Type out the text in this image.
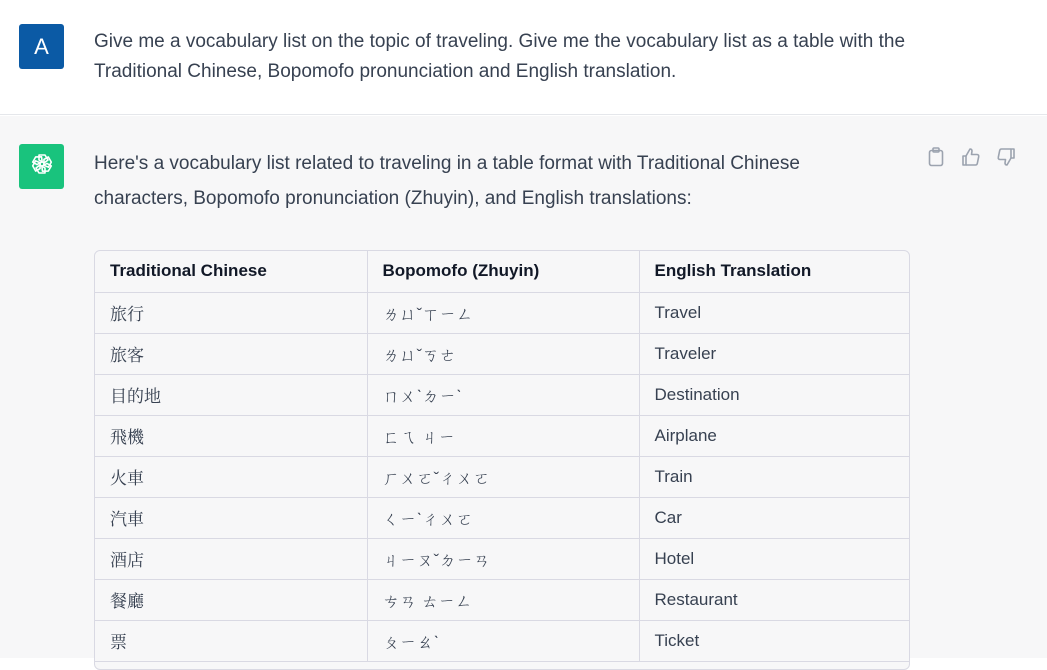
A	Give me a vocabulary list on the topic of traveling. Give me the vocabulary list as a table with the Traditional Chinese, Bopomofo pronunciation and English translation.
Here's a vocabulary list related to traveling in a table format with Traditional Chinese characters, Bopomofo pronunciation (Zhuyin), and English translations:
Traditional Chinese	Bopomofo (Zhuyin)	English Translation
旅行	ㄌㄩˇㄒㄧㄥ	Travel
旅客	ㄌㄩˇㄎㄜ	Traveler
目的地	ㄇㄨˋㄉㄧˋ	Destination
飛機	ㄈㄟ ㄐㄧ	Airplane
火車	ㄏㄨㄛˇㄔㄨㄛ	Train
汽車	ㄑㄧˋㄔㄨㄛ	Car
酒店	ㄐㄧㄡˇㄉㄧㄢ	Hotel
餐廳	ㄘㄢ ㄊㄧㄥ	Restaurant
票	ㄆㄧㄠˋ	Ticket
